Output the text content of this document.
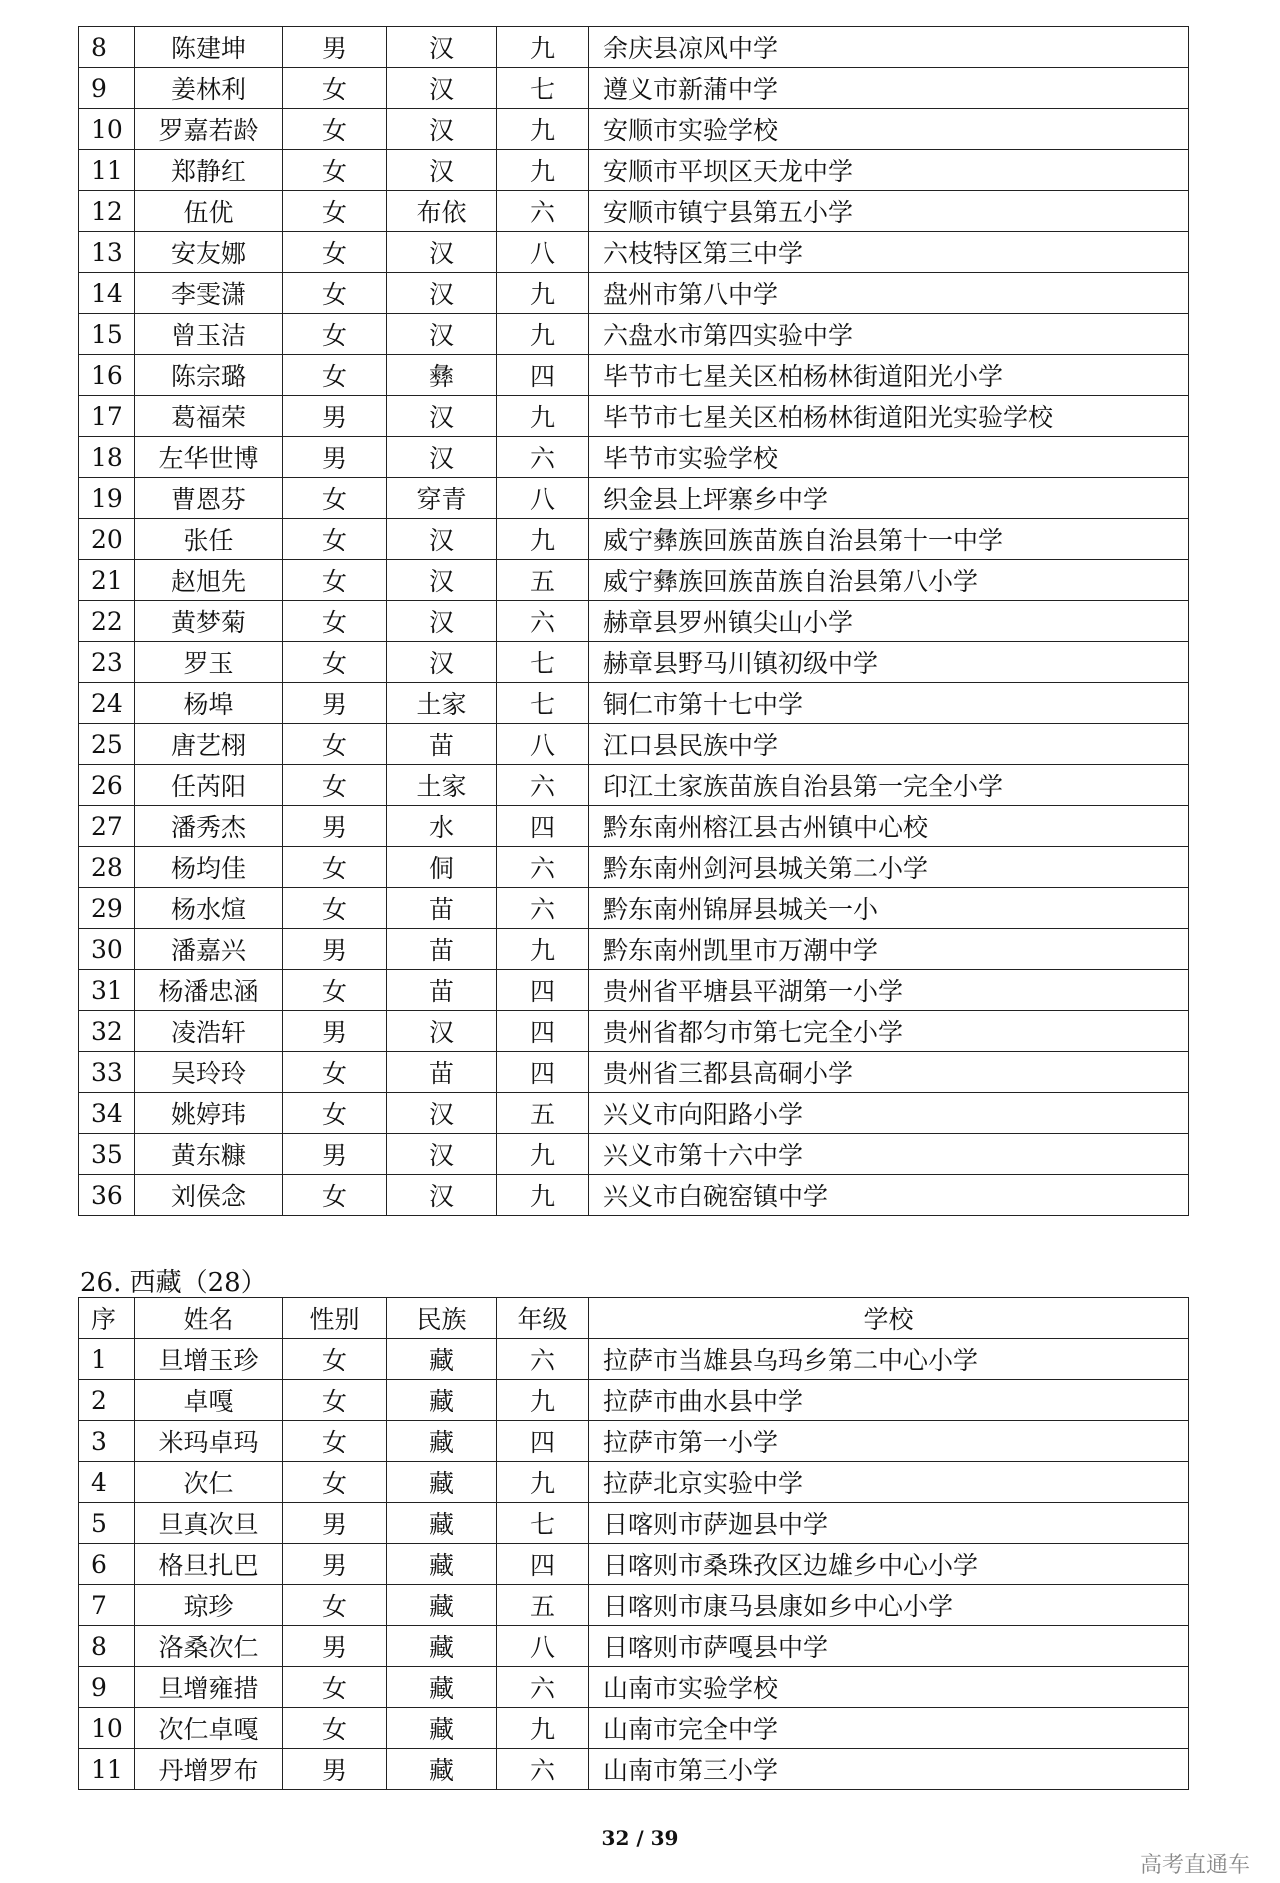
8	陈建坤	男	汉	九	余庆县凉风中学
9	姜林利	女	汉	七	遵义市新蒲中学
10	罗嘉若龄	女	汉	九	安顺市实验学校
11	郑静红	女	汉	九	安顺市平坝区天龙中学
12	伍优	女	布依	六	安顺市镇宁县第五小学
13	安友娜	女	汉	八	六枝特区第三中学
14	李雯潇	女	汉	九	盘州市第八中学
15	曾玉洁	女	汉	九	六盘水市第四实验中学
16	陈宗璐	女	彝	四	毕节市七星关区柏杨林街道阳光小学
17	葛福荣	男	汉	九	毕节市七星关区柏杨林街道阳光实验学校
18	左华世博	男	汉	六	毕节市实验学校
19	曹恩芬	女	穿青	八	织金县上坪寨乡中学
20	张任	女	汉	九	威宁彝族回族苗族自治县第十一中学
21	赵旭先	女	汉	五	威宁彝族回族苗族自治县第八小学
22	黄梦菊	女	汉	六	赫章县罗州镇尖山小学
23	罗玉	女	汉	七	赫章县野马川镇初级中学
24	杨埠	男	土家	七	铜仁市第十七中学
25	唐艺栩	女	苗	八	江口县民族中学
26	任芮阳	女	土家	六	印江土家族苗族自治县第一完全小学
27	潘秀杰	男	水	四	黔东南州榕江县古州镇中心校
28	杨均佳	女	侗	六	黔东南州剑河县城关第二小学
29	杨水煊	女	苗	六	黔东南州锦屏县城关一小
30	潘嘉兴	男	苗	九	黔东南州凯里市万潮中学
31	杨潘忠涵	女	苗	四	贵州省平塘县平湖第一小学
32	凌浩轩	男	汉	四	贵州省都匀市第七完全小学
33	吴玲玲	女	苗	四	贵州省三都县高硐小学
34	姚婷玮	女	汉	五	兴义市向阳路小学
35	黄东糠	男	汉	九	兴义市第十六中学
36	刘侯念	女	汉	九	兴义市白碗窑镇中学
26. 西藏（28）
序	姓名	性别	民族	年级	学校
1	旦增玉珍	女	藏	六	拉萨市当雄县乌玛乡第二中心小学
2	卓嘎	女	藏	九	拉萨市曲水县中学
3	米玛卓玛	女	藏	四	拉萨市第一小学
4	次仁	女	藏	九	拉萨北京实验中学
5	旦真次旦	男	藏	七	日喀则市萨迦县中学
6	格旦扎巴	男	藏	四	日喀则市桑珠孜区边雄乡中心小学
7	琼珍	女	藏	五	日喀则市康马县康如乡中心小学
8	洛桑次仁	男	藏	八	日喀则市萨嘎县中学
9	旦增雍措	女	藏	六	山南市实验学校
10	次仁卓嘎	女	藏	九	山南市完全中学
11	丹增罗布	男	藏	六	山南市第三小学
32 / 39
高考直通车
